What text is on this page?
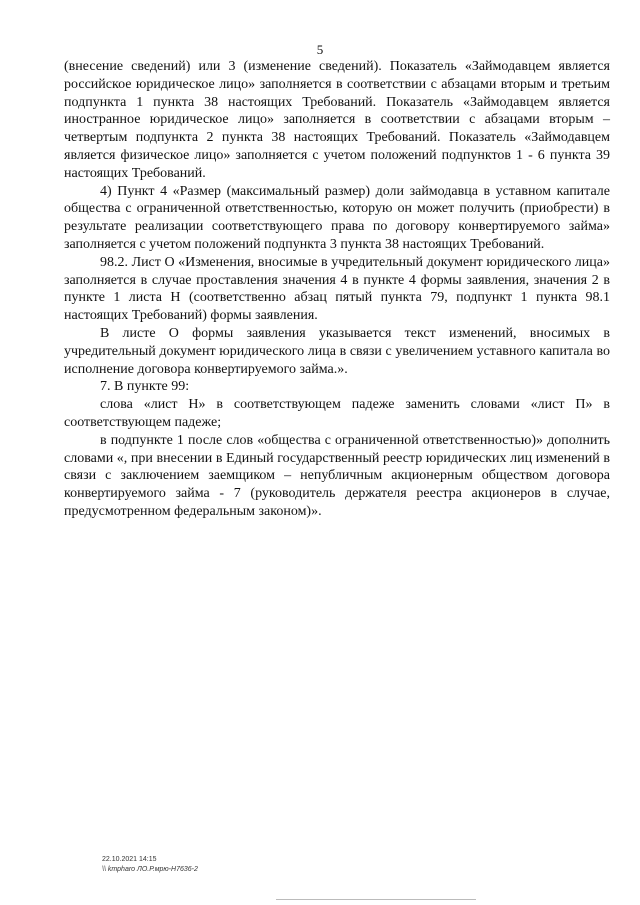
5

(внесение сведений) или 3 (изменение сведений). Показатель «Займодавцем является российское юридическое лицо» заполняется в соответствии с абзацами вторым и третьим подпункта 1 пункта 38 настоящих Требований. Показатель «Займодавцем является иностранное юридическое лицо» заполняется в соответствии с абзацами вторым – четвертым подпункта 2 пункта 38 настоящих Требований. Показатель «Займодавцем является физическое лицо» заполняется с учетом положений подпунктов 1 - 6 пункта 39 настоящих Требований.

4) Пункт 4 «Размер (максимальный размер) доли займодавца в уставном капитале общества с ограниченной ответственностью, которую он может получить (приобрести) в результате реализации соответствующего права по договору конвертируемого займа» заполняется с учетом положений подпункта 3 пункта 38 настоящих Требований.

98.2. Лист О «Изменения, вносимые в учредительный документ юридического лица» заполняется в случае проставления значения 4 в пункте 4 формы заявления, значения 2 в пункте 1 листа Н (соответственно абзац пятый пункта 79, подпункт 1 пункта 98.1 настоящих Требований) формы заявления.

В листе О формы заявления указывается текст изменений, вносимых в учредительный документ юридического лица в связи с увеличением уставного капитала во исполнение договора конвертируемого займа.».

7. В пункте 99:

слова «лист Н» в соответствующем падеже заменить словами «лист П» в соответствующем падеже;

в подпункте 1 после слов «общества с ограниченной ответственностью)» дополнить словами «, при внесении в Единый государственный реестр юридических лиц изменений в связи с заключением заемщиком – непубличным акционерным обществом договора конвертируемого займа - 7 (руководитель держателя реестра акционеров в случае, предусмотренном федеральным законом)».

22.10.2021 14:15
\\ kmpharo ЛО.Р.мрю-Н7636-2
